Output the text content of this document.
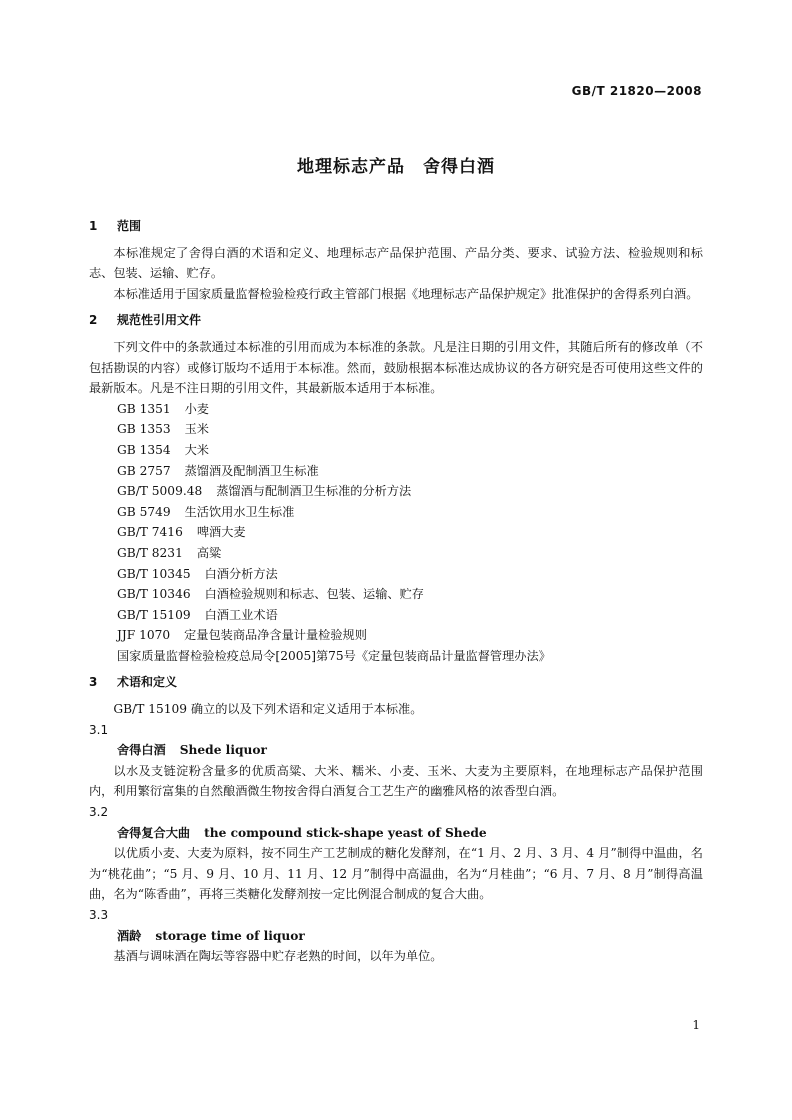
GB/T 21820—2008
地理标志产品　舍得白酒
1 范围

本标准规定了舍得白酒的术语和定义、地理标志产品保护范围、产品分类、要求、试验方法、检验规则和标志、包装、运输、贮存。

本标准适用于国家质量监督检验检疫行政主管部门根据《地理标志产品保护规定》批准保护的舍得系列白酒。

2 规范性引用文件

下列文件中的条款通过本标准的引用而成为本标准的条款。凡是注日期的引用文件，其随后所有的修改单（不包括勘误的内容）或修订版均不适用于本标准。然而，鼓励根据本标准达成协议的各方研究是否可使用这些文件的最新版本。凡是不注日期的引用文件，其最新版本适用于本标准。

GB 1351 小麦
GB 1353 玉米
GB 1354 大米
GB 2757 蒸馏酒及配制酒卫生标准
GB/T 5009.48 蒸馏酒与配制酒卫生标准的分析方法
GB 5749 生活饮用水卫生标准
GB/T 7416 啤酒大麦
GB/T 8231 高粱
GB/T 10345 白酒分析方法
GB/T 10346 白酒检验规则和标志、包装、运输、贮存
GB/T 15109 白酒工业术语
JJF 1070 定量包装商品净含量计量检验规则
国家质量监督检验检疫总局令[2005]第75号《定量包装商品计量监督管理办法》
3 术语和定义

GB/T 15109 确立的以及下列术语和定义适用于本标准。

3.1
舍得白酒 Shede liquor

以水及支链淀粉含量多的优质高粱、大米、糯米、小麦、玉米、大麦为主要原料，在地理标志产品保护范围内，利用繁衍富集的自然酿酒微生物按舍得白酒复合工艺生产的幽雅风格的浓香型白酒。

3.2
舍得复合大曲 the compound stick-shape yeast of Shede

以优质小麦、大麦为原料，按不同生产工艺制成的糖化发酵剂，在“1 月、2 月、3 月、4 月”制得中温曲，名为“桃花曲”；“5 月、9 月、10 月、11 月、12 月”制得中高温曲，名为“月桂曲”；“6 月、7 月、8 月”制得高温曲，名为“陈香曲”，再将三类糖化发酵剂按一定比例混合制成的复合大曲。

3.3
酒龄 storage time of liquor

基酒与调味酒在陶坛等容器中贮存老熟的时间，以年为单位。

1
